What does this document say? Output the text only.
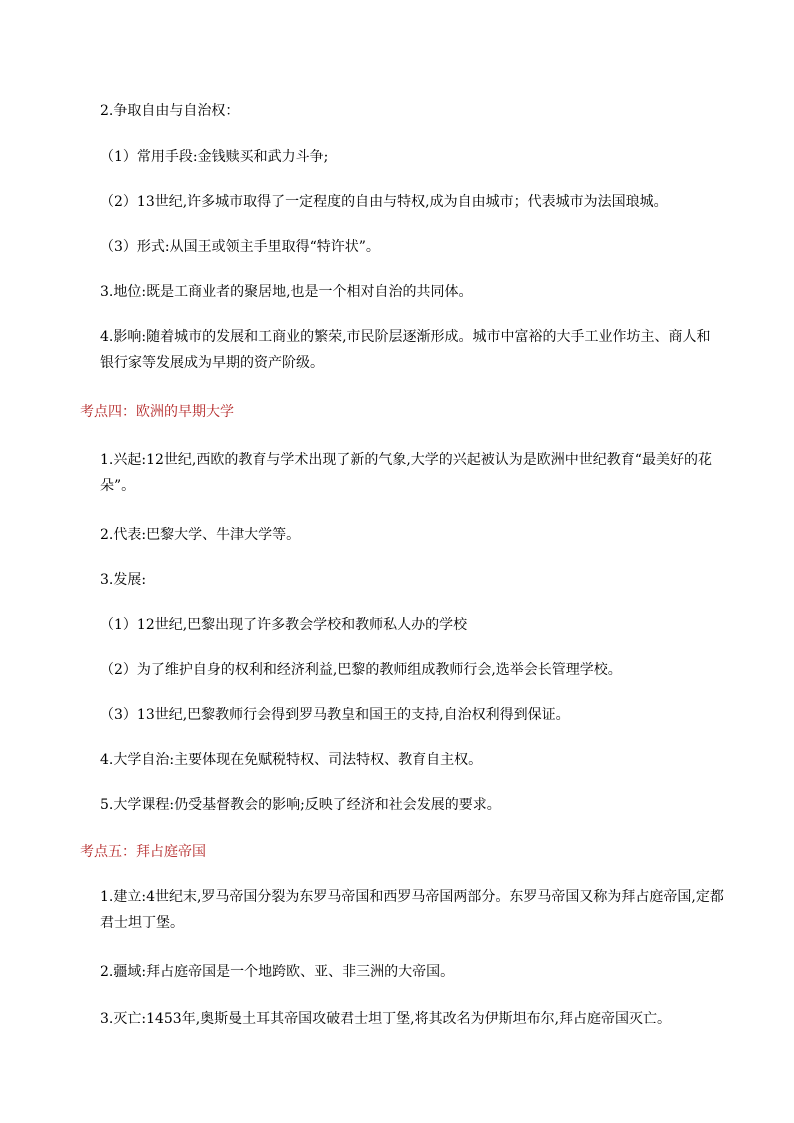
2.争取自由与自治权：

（1）常用手段:金钱赎买和武力斗争;

（2）13世纪,许多城市取得了一定程度的自由与特权,成为自由城市；代表城市为法国琅城。

（3）形式:从国王或领主手里取得“特许状”。

3.地位:既是工商业者的聚居地,也是一个相对自治的共同体。

4.影响:随着城市的发展和工商业的繁荣,市民阶层逐渐形成。城市中富裕的大手工业作坊主、商人和银行家等发展成为早期的资产阶级。

考点四：欧洲的早期大学

1.兴起:12世纪,西欧的教育与学术出现了新的气象,大学的兴起被认为是欧洲中世纪教育“最美好的花朵”。

2.代表:巴黎大学、牛津大学等。

3.发展:

（1）12世纪,巴黎出现了许多教会学校和教师私人办的学校

（2）为了维护自身的权利和经济利益,巴黎的教师组成教师行会,选举会长管理学校。

（3）13世纪,巴黎教师行会得到罗马教皇和国王的支持,自治权利得到保证。

4.大学自治:主要体现在免赋税特权、司法特权、教育自主权。

5.大学课程:仍受基督教会的影响;反映了经济和社会发展的要求。

考点五：拜占庭帝国

1.建立:4世纪末,罗马帝国分裂为东罗马帝国和西罗马帝国两部分。东罗马帝国又称为拜占庭帝国,定都君士坦丁堡。

2.疆域:拜占庭帝国是一个地跨欧、亚、非三洲的大帝国。

3.灭亡:1453年,奥斯曼土耳其帝国攻破君士坦丁堡,将其改名为伊斯坦布尔,拜占庭帝国灭亡。
